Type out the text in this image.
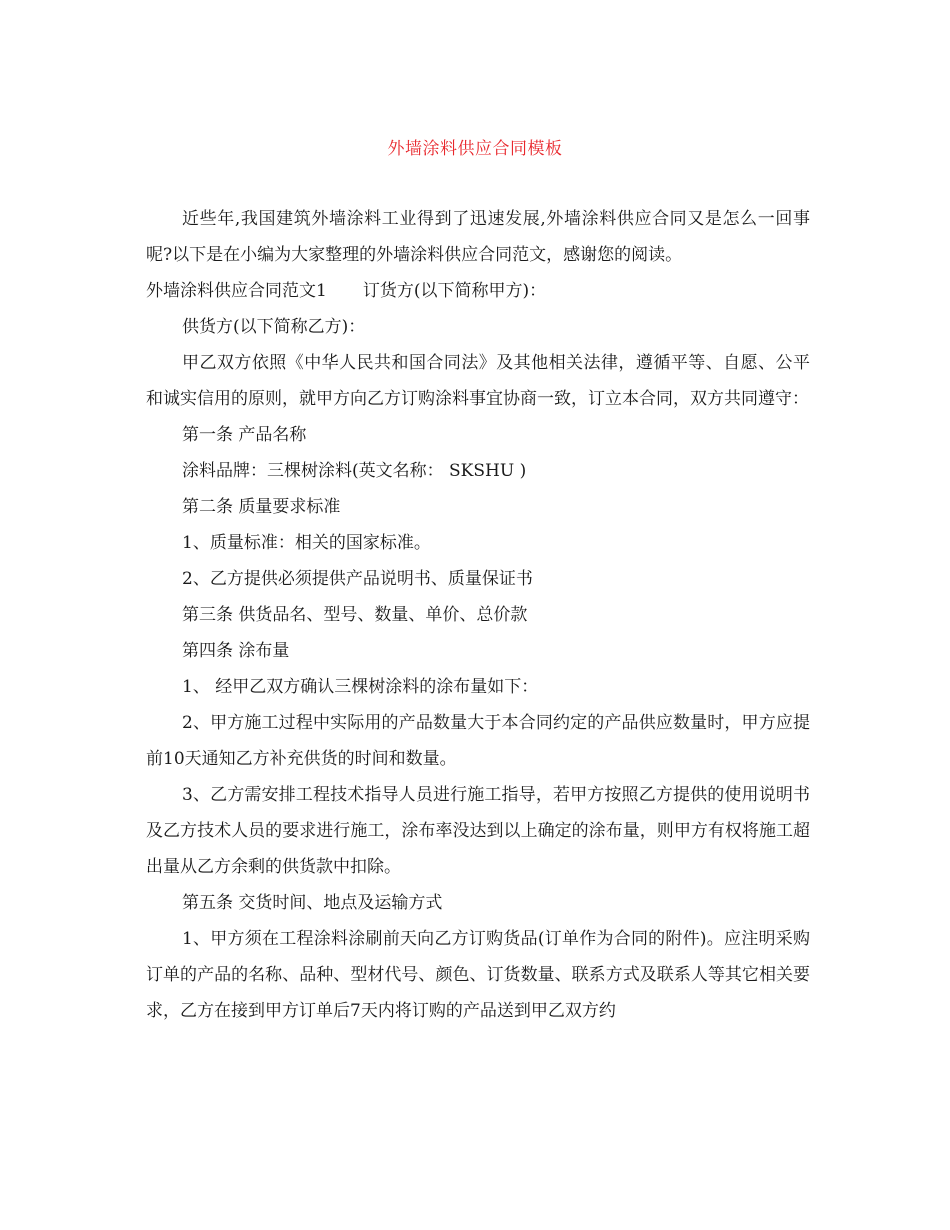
外墙涂料供应合同模板

近些年,我国建筑外墙涂料工业得到了迅速发展,外墙涂料供应合同又是怎么一回事呢?以下是在小编为大家整理的外墙涂料供应合同范文，感谢您的阅读。

外墙涂料供应合同范文1 订货方(以下简称甲方)：

供货方(以下简称乙方)：

甲乙双方依照《中华人民共和国合同法》及其他相关法律，遵循平等、自愿、公平和诚实信用的原则，就甲方向乙方订购涂料事宜协商一致，订立本合同，双方共同遵守：

第一条 产品名称

涂料品牌：三棵树涂料(英文名称： SKSHU )

第二条 质量要求标准

1、质量标准：相关的国家标准。

2、乙方提供必须提供产品说明书、质量保证书

第三条 供货品名、型号、数量、单价、总价款

第四条 涂布量

1、 经甲乙双方确认三棵树涂料的涂布量如下：

2、甲方施工过程中实际用的产品数量大于本合同约定的产品供应数量时，甲方应提前10天通知乙方补充供货的时间和数量。

3、乙方需安排工程技术指导人员进行施工指导，若甲方按照乙方提供的使用说明书及乙方技术人员的要求进行施工，涂布率没达到以上确定的涂布量，则甲方有权将施工超出量从乙方余剩的供货款中扣除。

第五条 交货时间、地点及运输方式

1、甲方须在工程涂料涂刷前天向乙方订购货品(订单作为合同的附件)。应注明采购订单的产品的名称、品种、型材代号、颜色、订货数量、联系方式及联系人等其它相关要求，乙方在接到甲方订单后7天内将订购的产品送到甲乙双方约
